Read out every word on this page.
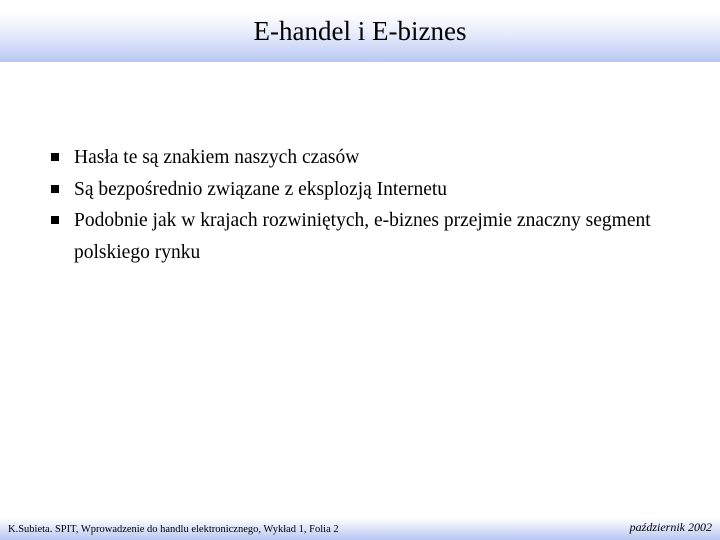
E-handel i E-biznes
Hasła te są znakiem naszych czasów
Są bezpośrednio związane z eksplozją Internetu
Podobnie jak w krajach rozwiniętych, e-biznes przejmie znaczny segment polskiego rynku
K.Subieta. SPIT, Wprowadzenie do handlu elektronicznego, Wykład 1, Folia 2	październik 2002
